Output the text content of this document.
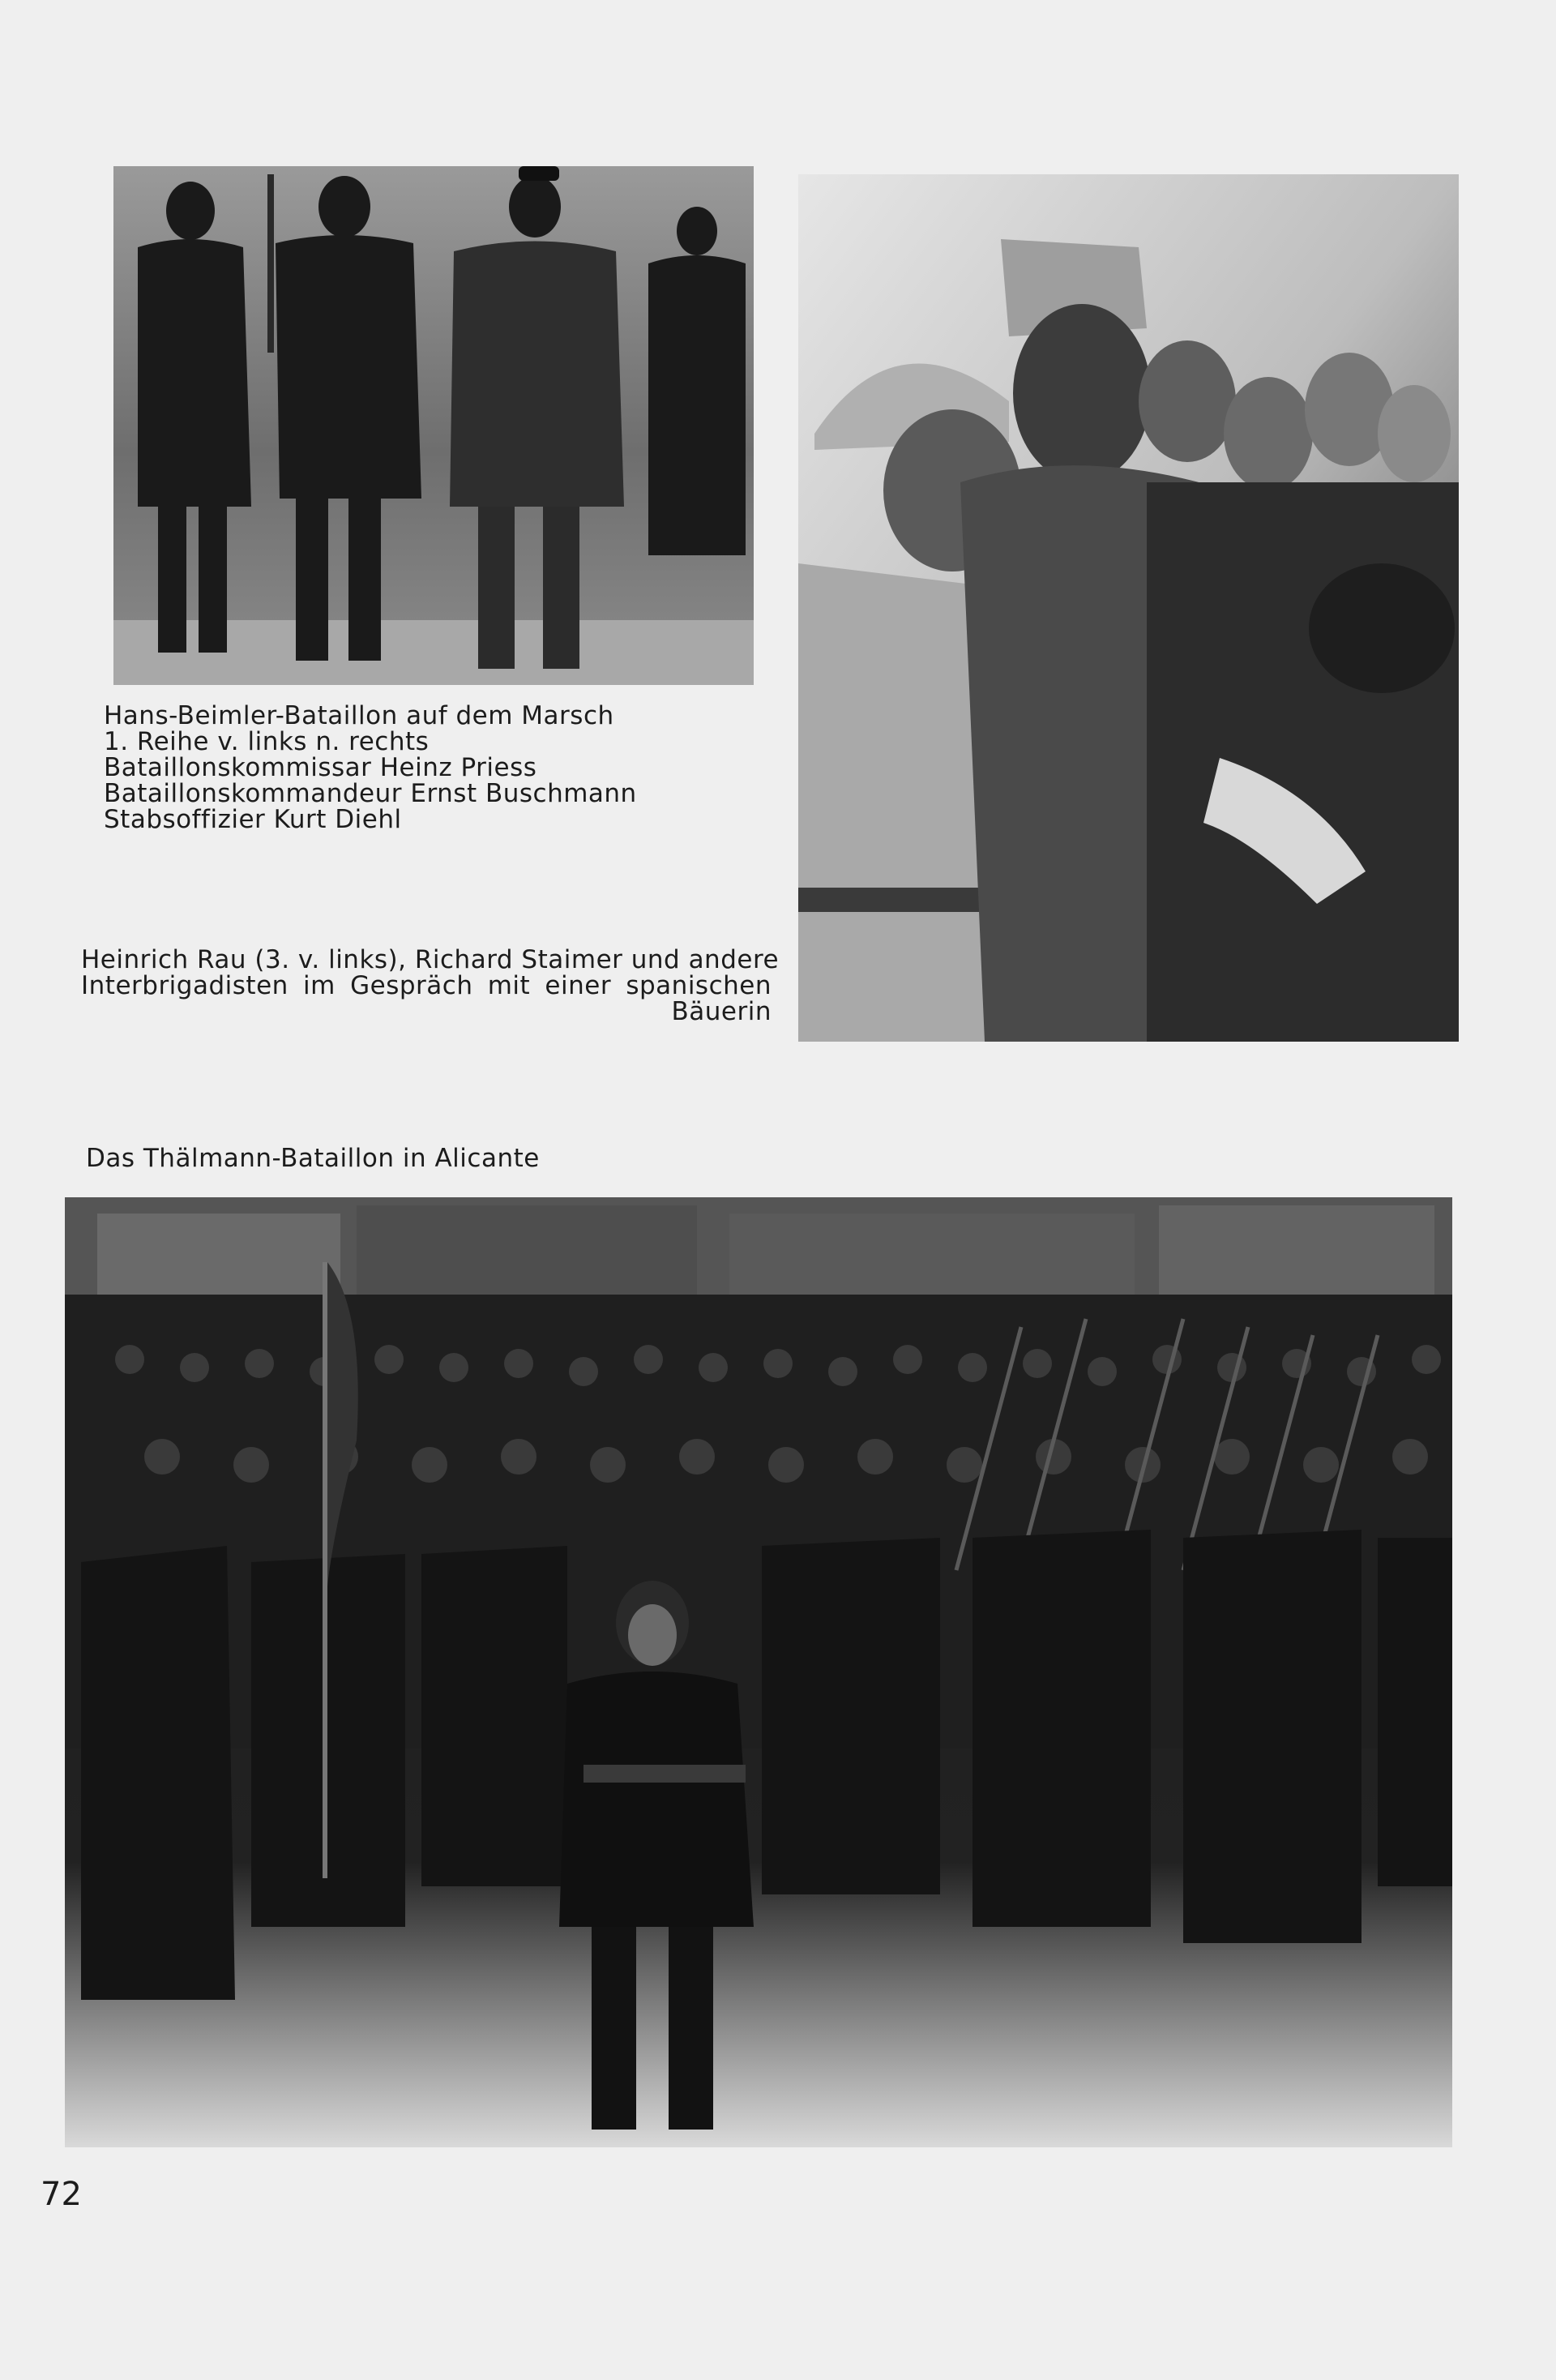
Hans-Beimler-Bataillon auf dem Marsch
1. Reihe v. links n. rechts
Bataillonskommissar Heinz Priess
Bataillonskommandeur Ernst Buschmann
Stabsoffizier Kurt Diehl
Heinrich Rau (3. v. links), Richard Staimer und andere
Interbrigadisten im Gespräch mit einer spanischen
Bäuerin
Das Thälmann-Bataillon in Alicante
72
